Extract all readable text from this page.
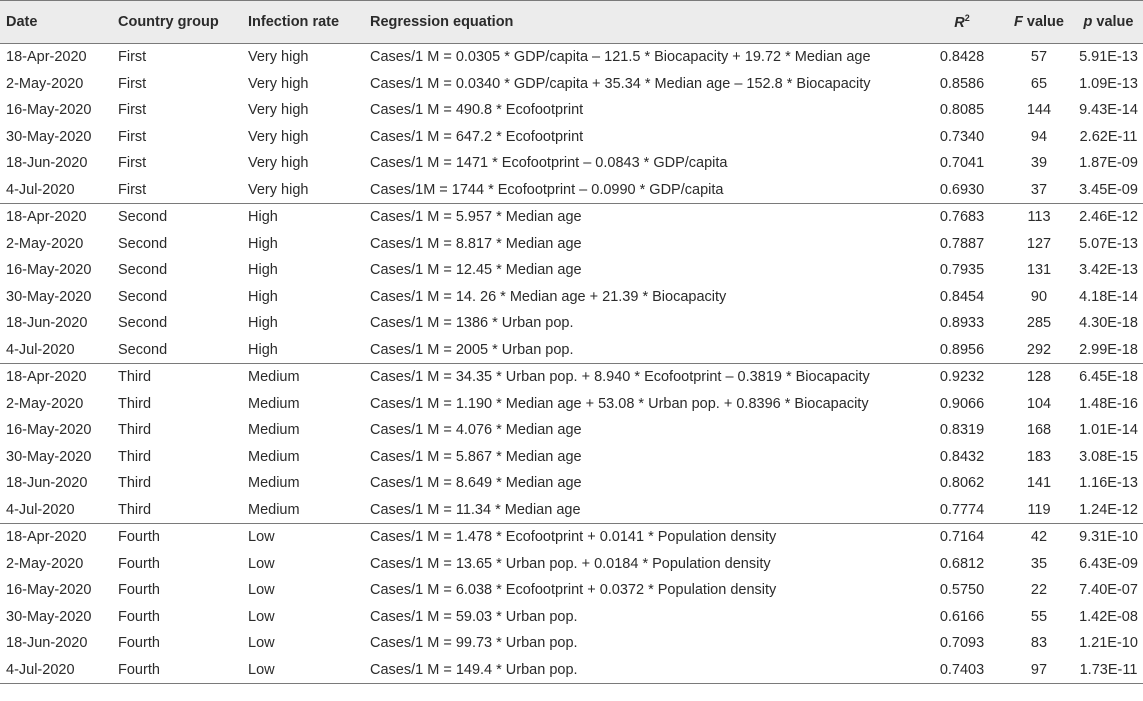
Date	Country group	Infection rate	Regression equation	$R^2$	F value	p value
18-Apr-2020	First	Very high	Cases/1 M = 0.0305 * GDP/capita – 121.5 * Biocapacity + 19.72 * Median age	0.8428	57	5.91E-13
2-May-2020	First	Very high	Cases/1 M = 0.0340 * GDP/capita + 35.34 * Median age – 152.8 * Biocapacity	0.8586	65	1.09E-13
16-May-2020	First	Very high	Cases/1 M = 490.8 * Ecofootprint	0.8085	144	9.43E-14
30-May-2020	First	Very high	Cases/1 M = 647.2 * Ecofootprint	0.7340	94	2.62E-11
18-Jun-2020	First	Very high	Cases/1 M = 1471 * Ecofootprint – 0.0843 * GDP/capita	0.7041	39	1.87E-09
4-Jul-2020	First	Very high	Cases/1M = 1744 * Ecofootprint – 0.0990 * GDP/capita	0.6930	37	3.45E-09
18-Apr-2020	Second	High	Cases/1 M = 5.957 * Median age	0.7683	113	2.46E-12
2-May-2020	Second	High	Cases/1 M = 8.817 * Median age	0.7887	127	5.07E-13
16-May-2020	Second	High	Cases/1 M = 12.45 * Median age	0.7935	131	3.42E-13
30-May-2020	Second	High	Cases/1 M = 14. 26 * Median age + 21.39 * Biocapacity	0.8454	90	4.18E-14
18-Jun-2020	Second	High	Cases/1 M = 1386 * Urban pop.	0.8933	285	4.30E-18
4-Jul-2020	Second	High	Cases/1 M = 2005 * Urban pop.	0.8956	292	2.99E-18
18-Apr-2020	Third	Medium	Cases/1 M = 34.35 * Urban pop. + 8.940 * Ecofootprint – 0.3819 * Biocapacity	0.9232	128	6.45E-18
2-May-2020	Third	Medium	Cases/1 M = 1.190 * Median age + 53.08 * Urban pop. + 0.8396 * Biocapacity	0.9066	104	1.48E-16
16-May-2020	Third	Medium	Cases/1 M = 4.076 * Median age	0.8319	168	1.01E-14
30-May-2020	Third	Medium	Cases/1 M = 5.867 * Median age	0.8432	183	3.08E-15
18-Jun-2020	Third	Medium	Cases/1 M = 8.649 * Median age	0.8062	141	1.16E-13
4-Jul-2020	Third	Medium	Cases/1 M = 11.34 * Median age	0.7774	119	1.24E-12
18-Apr-2020	Fourth	Low	Cases/1 M = 1.478 * Ecofootprint + 0.0141 * Population density	0.7164	42	9.31E-10
2-May-2020	Fourth	Low	Cases/1 M = 13.65 * Urban pop. + 0.0184 * Population density	0.6812	35	6.43E-09
16-May-2020	Fourth	Low	Cases/1 M = 6.038 * Ecofootprint + 0.0372 * Population density	0.5750	22	7.40E-07
30-May-2020	Fourth	Low	Cases/1 M = 59.03 * Urban pop.	0.6166	55	1.42E-08
18-Jun-2020	Fourth	Low	Cases/1 M = 99.73 * Urban pop.	0.7093	83	1.21E-10
4-Jul-2020	Fourth	Low	Cases/1 M = 149.4 * Urban pop.	0.7403	97	1.73E-11
